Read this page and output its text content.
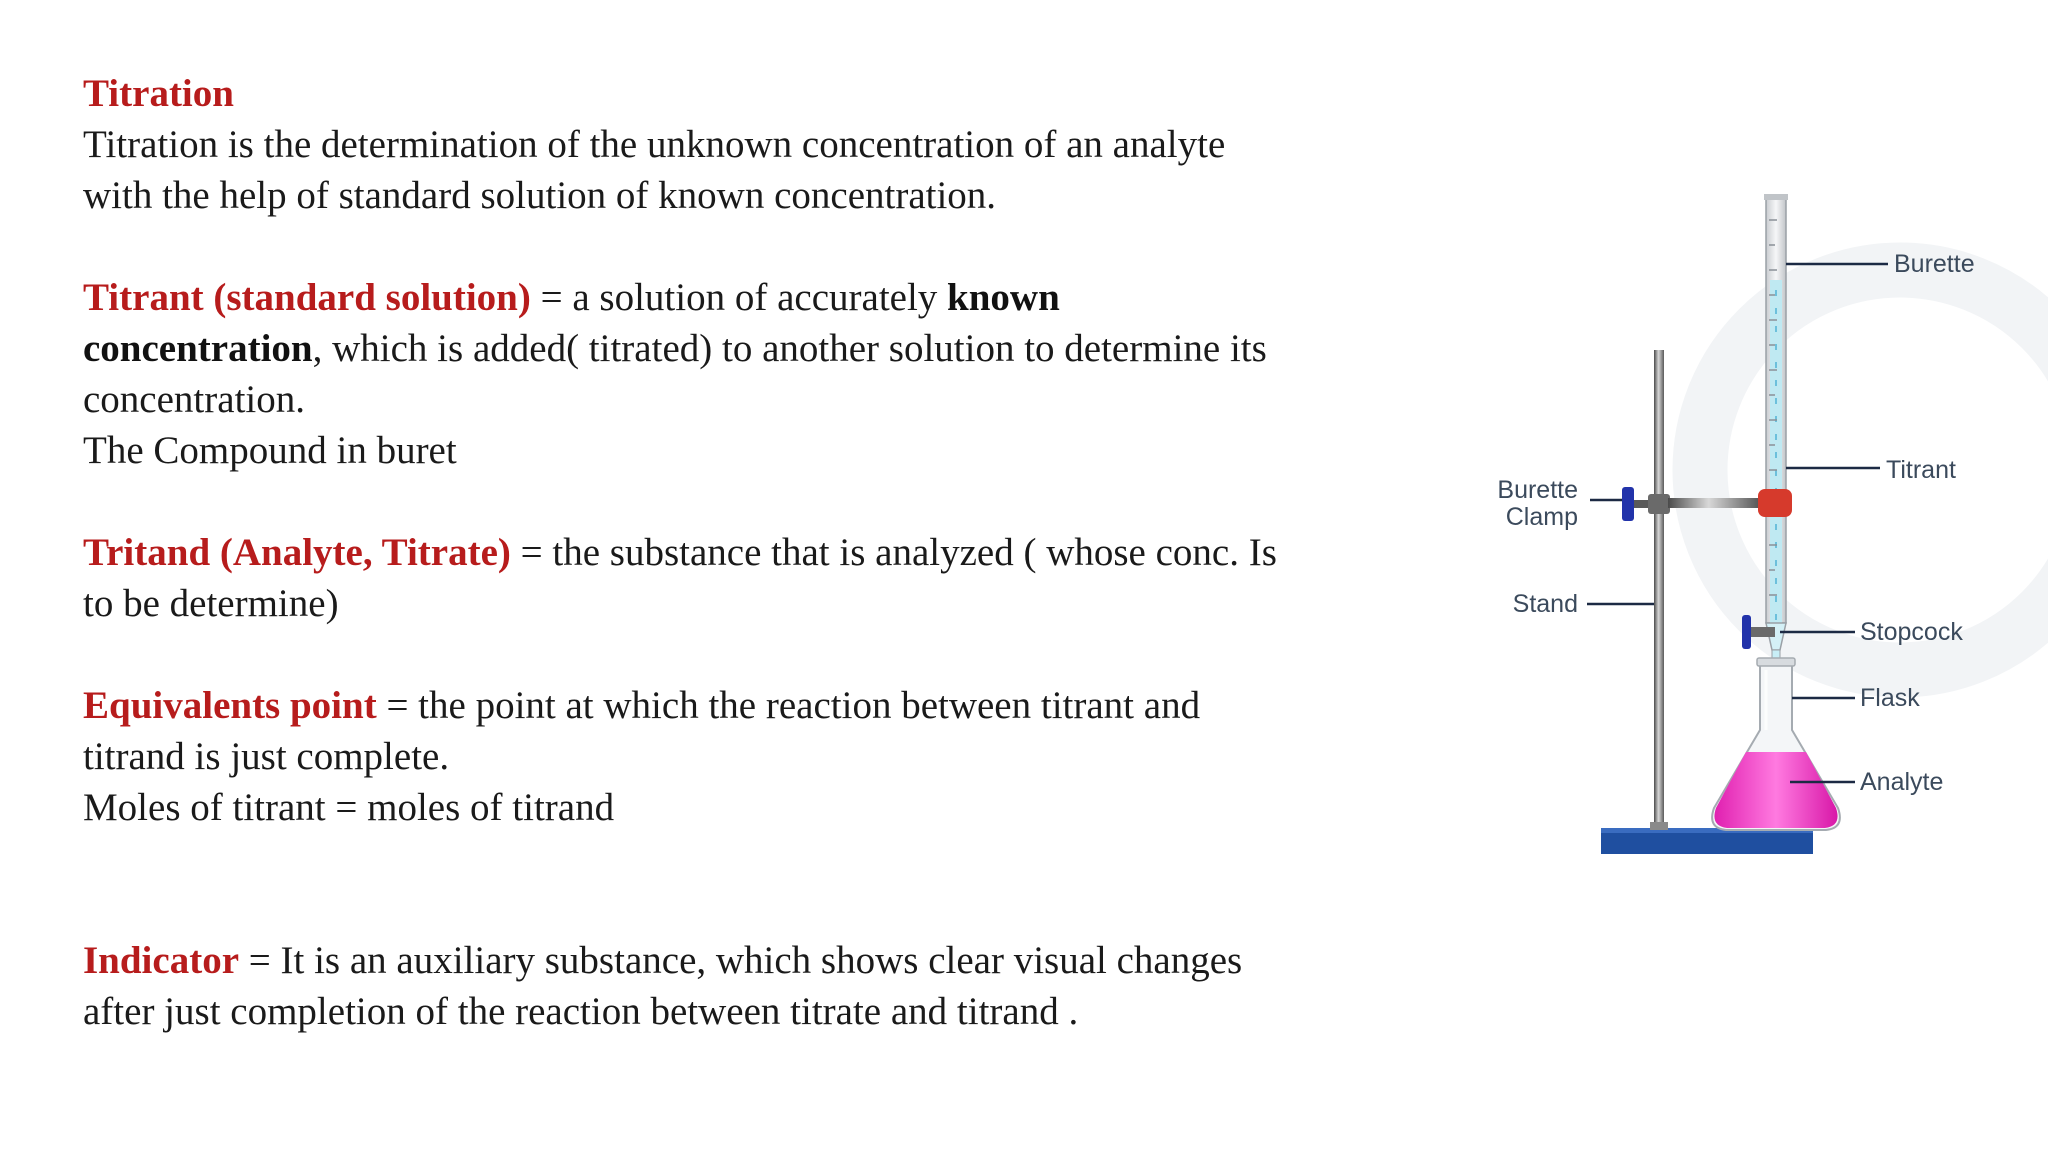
Titration

Titration is the determination of the unknown concentration of an analyte

with the help of standard solution of known concentration.

Titrant (standard solution) = a solution of accurately known

concentration, which is added( titrated) to another solution to determine its

concentration.

The Compound in buret

Tritand (Analyte, Titrate) = the substance that is analyzed ( whose conc. Is

to be determine)

Equivalents point = the point at which the reaction between titrant and

titrand is just complete.

Moles of titrant = moles of titrand

Indicator = It is an auxiliary substance, which shows clear visual changes

after just completion of the reaction between titrate and titrand .

Burette
Titrant
Burette
Clamp
Stand
Stopcock
Flask
Analyte
